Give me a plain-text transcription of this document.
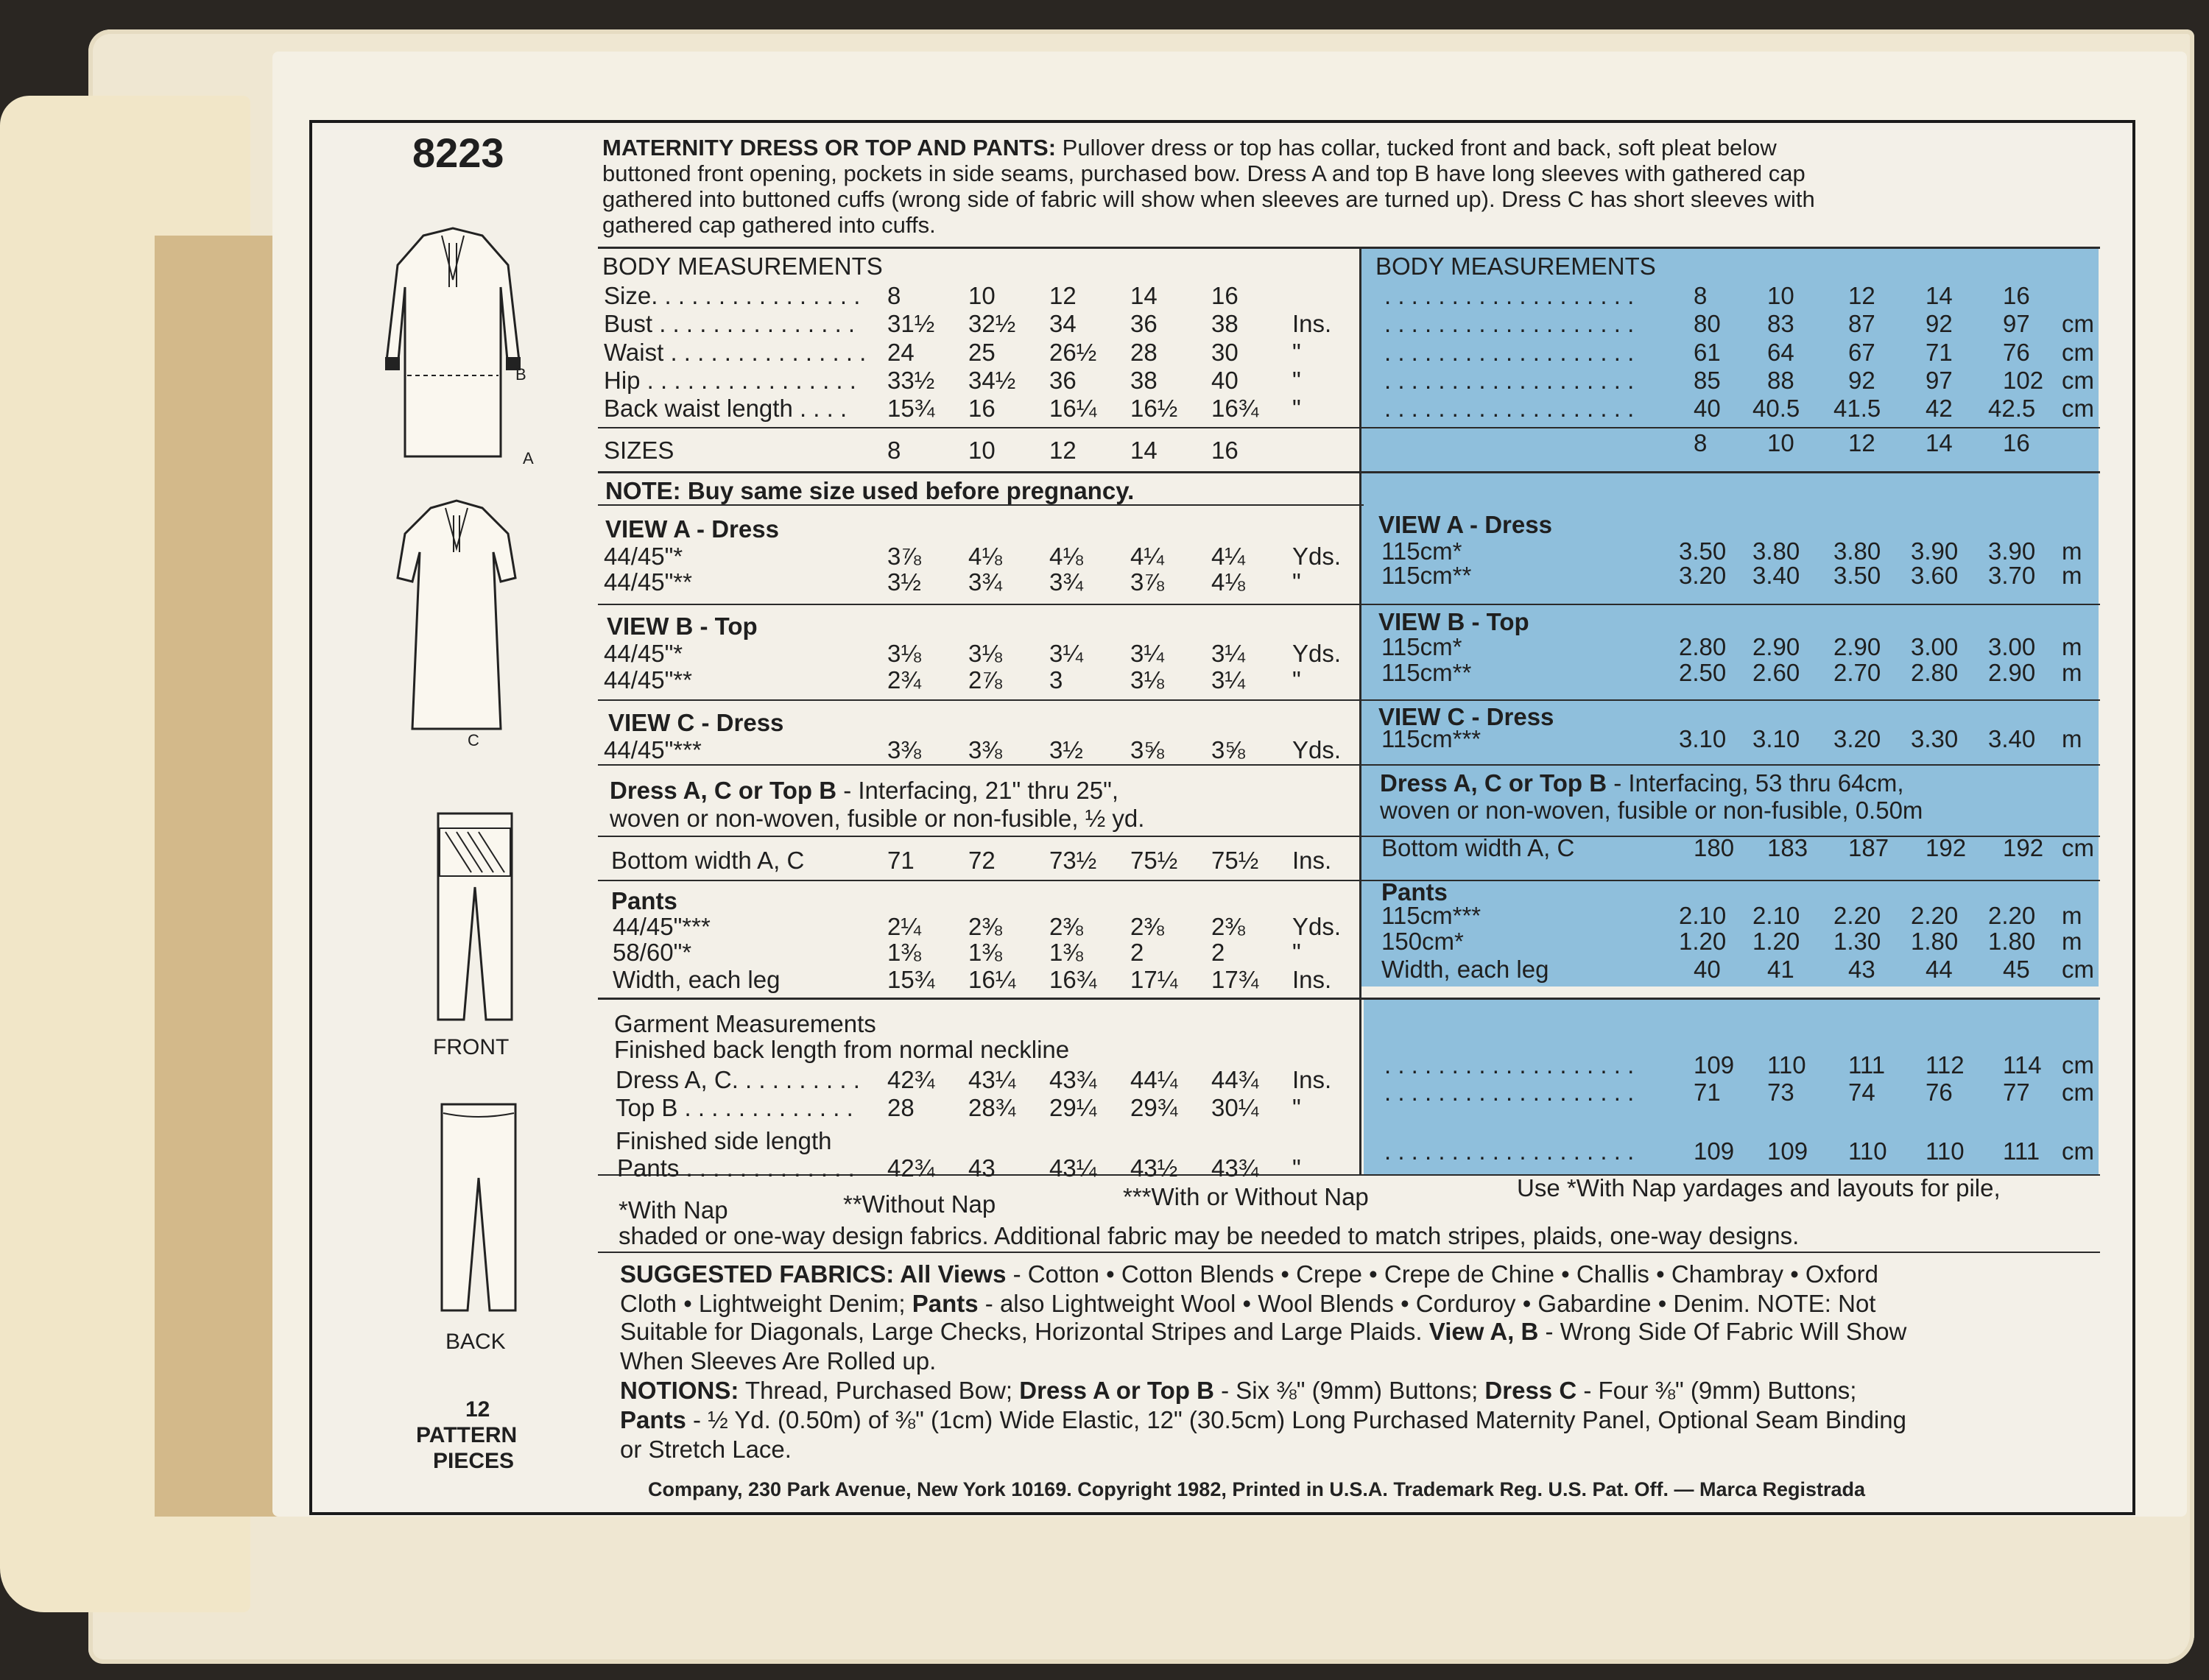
8223	MATERNITY DRESS OR TOP AND PANTS: Pullover dress or top has collar, tucked front and back, soft pleat below
buttoned front opening, pockets in side seams, purchased bow. Dress A and top B have long sleeves with gathered cap
gathered into buttoned cuffs (wrong side of fabric will show when sleeves are turned up). Dress C has short sleeves with
gathered cap gathered into cuffs.
A
B
C
FRONT
BACK
12
PATTERN
PIECES
BODY MEASUREMENTS
SIZES
NOTE: Buy same size used before pregnancy.
VIEW A - Dress
VIEW B - Top
VIEW C - Dress
Dress A, C or Top B - Interfacing, 21" thru 25",
woven or non-woven, fusible or non-fusible, ½ yd.
Pants
Garment Measurements
Finished back length from normal neckline
Finished side length
BODY MEASUREMENTS
VIEW A - Dress
VIEW B - Top
VIEW C - Dress
Dress A, C or Top B - Interfacing, 53 thru 64cm,
woven or non-woven, fusible or non-fusible, 0.50m
Pants
Size. . . . . . . . . . . . . . . . 8	10 12 14 16
Bust . . . . . . . . . . . . . . . 31½ 32½ 34 36 38 Ins.
Waist . . . . . . . . . . . . . . . 24 25 26½ 28 30 "
Hip . . . . . . . . . . . . . . . . 33½ 34½ 36 38 40 "
Back waist length . . . . 15¾ 16 16¼ 16½ 16¾ "
8	10 12 14 16
44/45"*	3⅞ 4⅛ 4⅛ 4¼ 4¼ Yds.
44/45"**	3½ 3¾ 3¾ 3⅞ 4⅛ "
44/45"*	3⅛ 3⅛ 3¼ 3¼ 3¼ Yds.
44/45"**	2¾ 2⅞ 3	3⅛ 3¼ "
44/45"***	3⅜ 3⅜ 3½ 3⅝ 3⅝ Yds.
Bottom width A, C	71 72 73½ 75½ 75½ Ins.
44/45"***	2¼ 2⅜ 2⅜ 2⅜ 2⅜ Yds.
58/60"*	1⅜ 1⅜ 1⅜ 2	2	"
Width, each leg	15¾ 16¼ 16¾ 17¼ 17¾ Ins.
Dress A, C. . . . . . . . . . 42¾ 43¼ 43¾ 44¼ 44¾ Ins.
Top B . . . . . . . . . . . . . 28 28¾ 29¼ 29¾ 30¼ "
Pants . . . . . . . . . . . . . 42¾ 43 43¼ 43½ 43¾ "
. . . . . . . . . . . . . . . . . . . 8 10 12 14 16
. . . . . . . . . . . . . . . . . . . 80 83 87 92 97 cm
. . . . . . . . . . . . . . . . . . . 61 64 67 71 76 cm
. . . . . . . . . . . . . . . . . . . 85 88 92 97 102 cm
. . . . . . . . . . . . . . . . . . . 40 40.5 41.5 42 42.5 cm
8 10 12 14 16
115cm*	3.50 3.80 3.80 3.90 3.90 m
115cm**	3.20 3.40 3.50 3.60 3.70 m
115cm*	2.80 2.90 2.90 3.00 3.00 m
115cm**	2.50 2.60 2.70 2.80 2.90 m
115cm***	3.10 3.10 3.20 3.30 3.40 m
Bottom width A, C	180 183 187 192 192 cm
115cm***	2.10 2.10 2.20 2.20 2.20 m
150cm*	1.20 1.20 1.30 1.80 1.80 m
Width, each leg	40 41 43 44 45 cm
. . . . . . . . . . . . . . . . . . . 109 110 111 112 114 cm
. . . . . . . . . . . . . . . . . . . 71 73 74 76 77 cm
. . . . . . . . . . . . . . . . . . . 109 109 110 110 111 cm
*With Nap	**Without Nap	***With or Without Nap	Use *With Nap yardages and layouts for pile,
shaded or one-way design fabrics. Additional fabric may be needed to match stripes, plaids, one-way designs.
SUGGESTED FABRICS: All Views - Cotton • Cotton Blends • Crepe • Crepe de Chine • Challis • Chambray • Oxford
Cloth • Lightweight Denim; Pants - also Lightweight Wool • Wool Blends • Corduroy • Gabardine • Denim. NOTE: Not
Suitable for Diagonals, Large Checks, Horizontal Stripes and Large Plaids. View A, B - Wrong Side Of Fabric Will Show
When Sleeves Are Rolled up.
NOTIONS: Thread, Purchased Bow; Dress A or Top B - Six ⅜" (9mm) Buttons; Dress C - Four ⅜" (9mm) Buttons;
Pants - ½ Yd. (0.50m) of ⅜" (1cm) Wide Elastic, 12" (30.5cm) Long Purchased Maternity Panel, Optional Seam Binding
or Stretch Lace.
Company, 230 Park Avenue, New York 10169. Copyright 1982, Printed in U.S.A. Trademark Reg. U.S. Pat. Off. — Marca Registrada
